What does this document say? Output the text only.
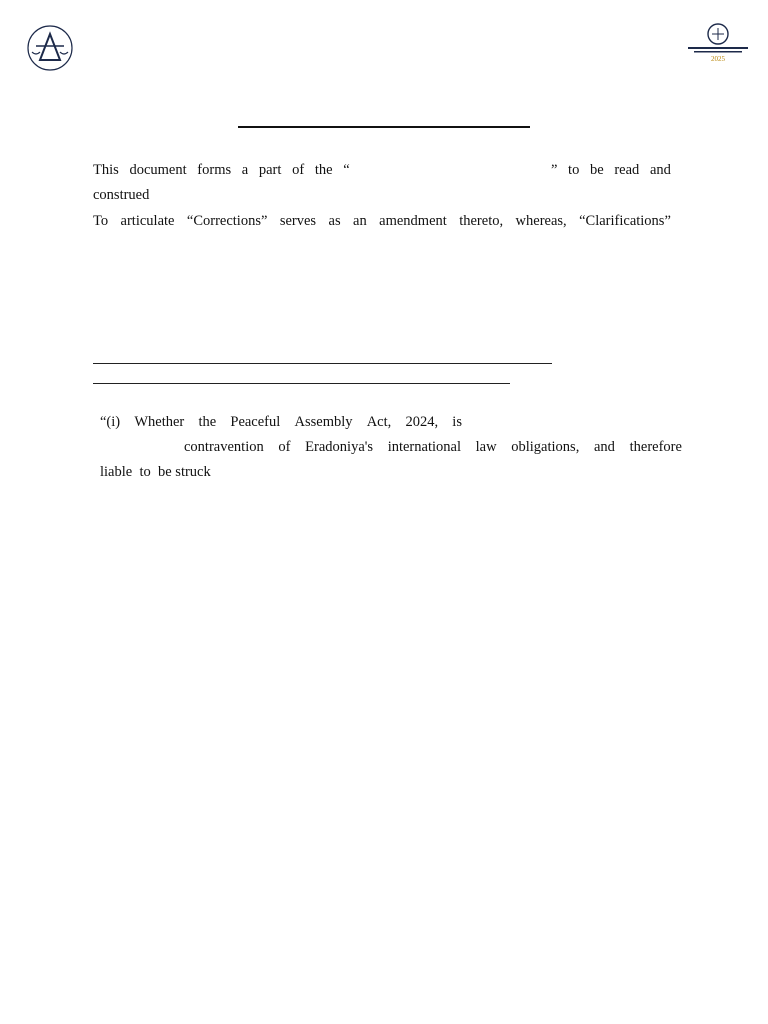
2025
This document forms a part of the “	” to be read and
construed
To articulate “Corrections” serves as an amendment thereto, whereas, “Clarifications”
“(i) Whether the Peaceful Assembly Act, 2024, is
contravention of Eradoniya's international law obligations, and therefore
liable  to  be struck
